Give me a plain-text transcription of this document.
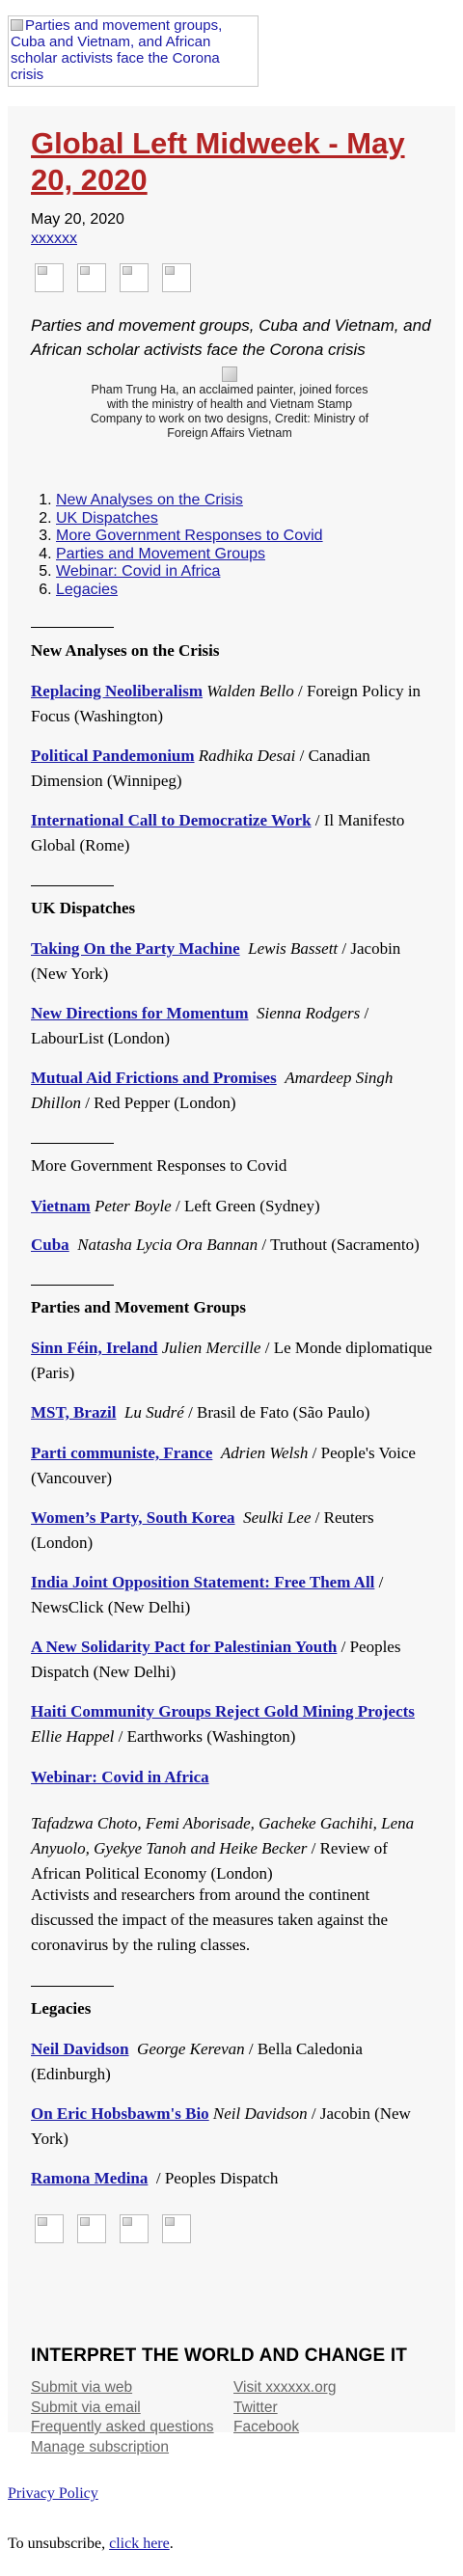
Parties and movement groups, Cuba and Vietnam, and African scholar activists face the Corona crisis
Global Left Midweek - May 20, 2020
May 20, 2020
xxxxxx

Parties and movement groups, Cuba and Vietnam, and African scholar activists face the Corona crisis

Pham Trung Ha, an acclaimed painter, joined forces with the ministry of health and Vietnam Stamp Company to work on two designs, Credit: Ministry of Foreign Affairs Vietnam
1. New Analyses on the Crisis
2. UK Dispatches
3. More Government Responses to Covid
4. Parties and Movement Groups
5. Webinar: Covid in Africa
6. Legacies
New Analyses on the Crisis

Replacing Neoliberalism Walden Bello / Foreign Policy in Focus (Washington)

Political Pandemonium Radhika Desai / Canadian Dimension (Winnipeg)

International Call to Democratize Work / Il Manifesto Global (Rome)

UK Dispatches

Taking On the Party Machine Lewis Bassett / Jacobin (New York)

New Directions for Momentum Sienna Rodgers / LabourList (London)

Mutual Aid Frictions and Promises Amardeep Singh Dhillon / Red Pepper (London)

More Government Responses to Covid

Vietnam Peter Boyle / Left Green (Sydney)

Cuba Natasha Lycia Ora Bannan / Truthout (Sacramento)

Parties and Movement Groups

Sinn Féin, Ireland Julien Mercille / Le Monde diplomatique (Paris)

MST, Brazil Lu Sudré / Brasil de Fato (São Paulo)

Parti communiste, France Adrien Welsh / People's Voice (Vancouver)

Women’s Party, South Korea Seulki Lee / Reuters (London)

India Joint Opposition Statement: Free Them All / NewsClick (New Delhi)

A New Solidarity Pact for Palestinian Youth / Peoples Dispatch (New Delhi)

Haiti Community Groups Reject Gold Mining Projects  Ellie Happel / Earthworks (Washington)

Webinar: Covid in Africa

Tafadzwa Choto, Femi Aborisade, Gacheke Gachihi, Lena Anyuolo, Gyekye Tanoh and Heike Becker / Review of African Political Economy (London)

Activists and researchers from around the continent discussed the impact of the measures taken against the coronavirus by the ruling classes.

Legacies

Neil Davidson George Kerevan / Bella Caledonia (Edinburgh)

On Eric Hobsbawm's Bio Neil Davidson / Jacobin (New York)

Ramona Medina / Peoples Dispatch

INTERPRET THE WORLD AND CHANGE IT
Submit via web	Visit xxxxxx.org
Submit via email	Twitter
Frequently asked questions	Facebook
Manage subscription
Privacy Policy
To unsubscribe, click here.
